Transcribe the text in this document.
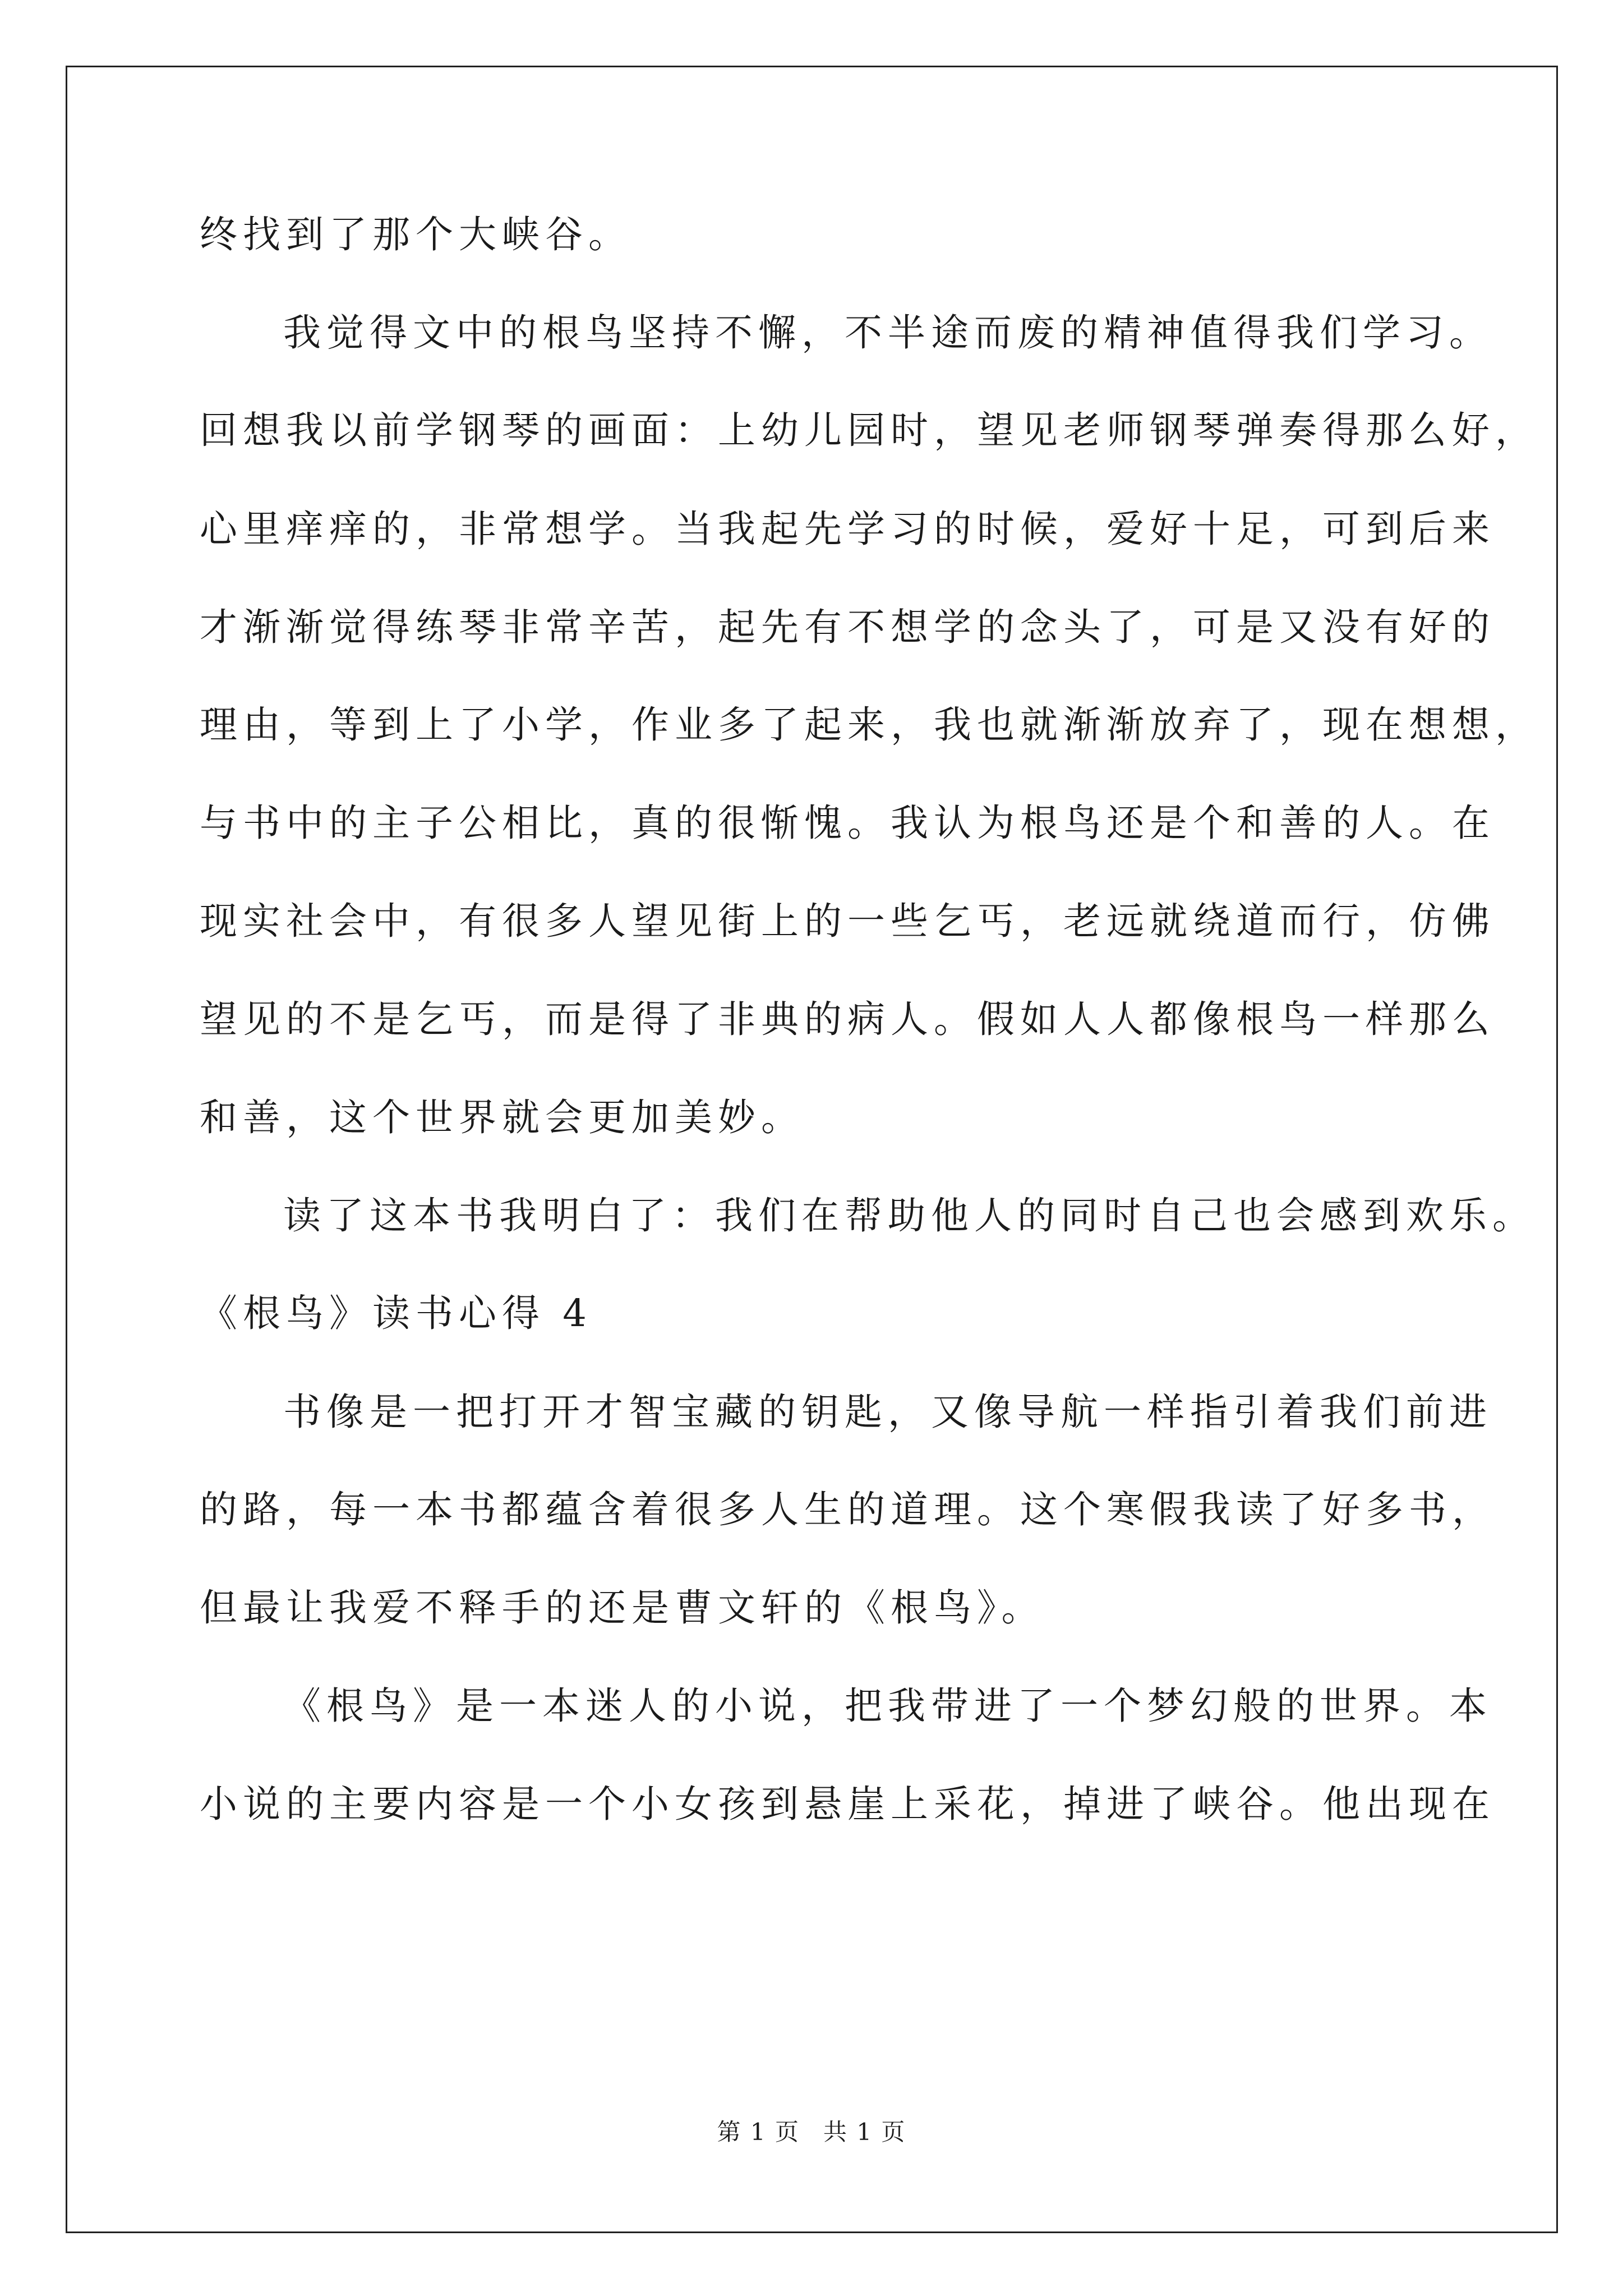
终找到了那个大峡谷。
我觉得文中的根鸟坚持不懈，不半途而废的精神值得我们学习。
回想我以前学钢琴的画面：上幼儿园时，望见老师钢琴弹奏得那么好，
心里痒痒的，非常想学。当我起先学习的时候，爱好十足，可到后来
才渐渐觉得练琴非常辛苦，起先有不想学的念头了，可是又没有好的
理由，等到上了小学，作业多了起来，我也就渐渐放弃了，现在想想，
与书中的主子公相比，真的很惭愧。我认为根鸟还是个和善的人。在
现实社会中，有很多人望见街上的一些乞丐，老远就绕道而行，仿佛
望见的不是乞丐，而是得了非典的病人。假如人人都像根鸟一样那么
和善，这个世界就会更加美妙。
读了这本书我明白了：我们在帮助他人的同时自己也会感到欢乐。
《根鸟》读书心得 4
书像是一把打开才智宝藏的钥匙，又像导航一样指引着我们前进
的路，每一本书都蕴含着很多人生的道理。这个寒假我读了好多书，
但最让我爱不释手的还是曹文轩的《根鸟》。
《根鸟》是一本迷人的小说，把我带进了一个梦幻般的世界。本
小说的主要内容是一个小女孩到悬崖上采花，掉进了峡谷。他出现在
第 1 页 共 1 页
